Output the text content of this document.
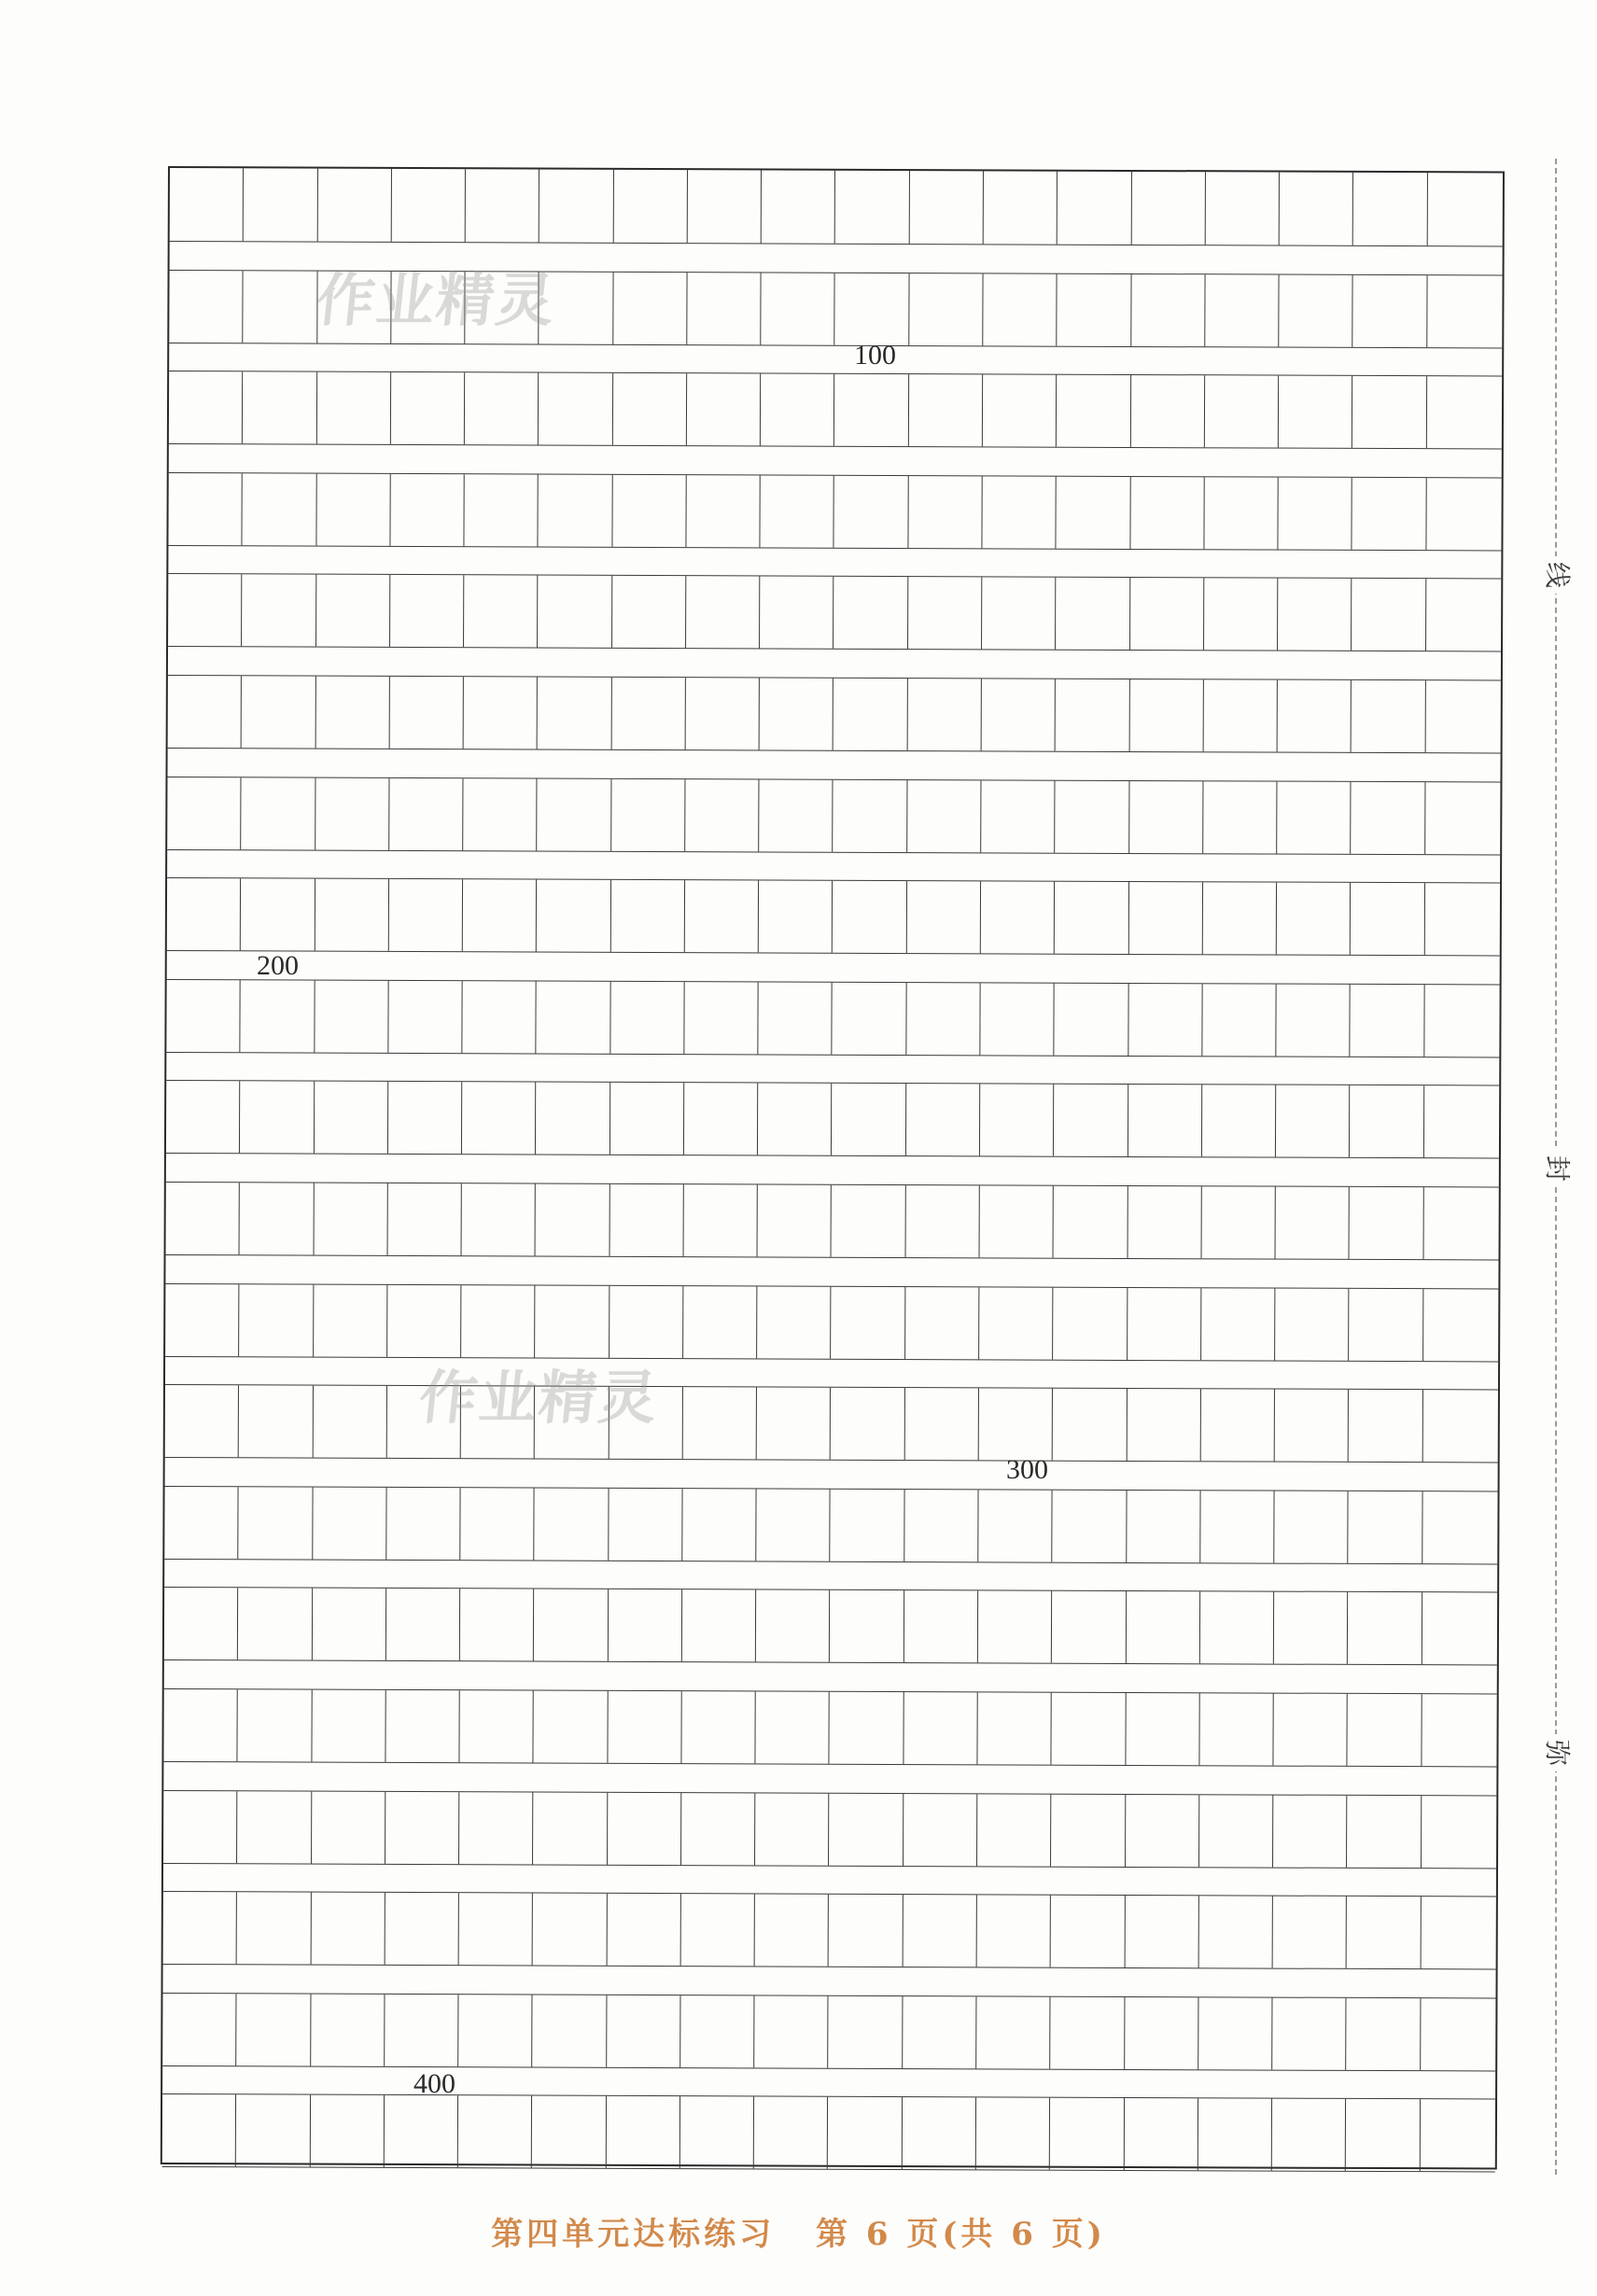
100
200
300
400
作业精灵
作业精灵
线
封
弥
第四单元达标练习 第 6 页(共 6 页)
